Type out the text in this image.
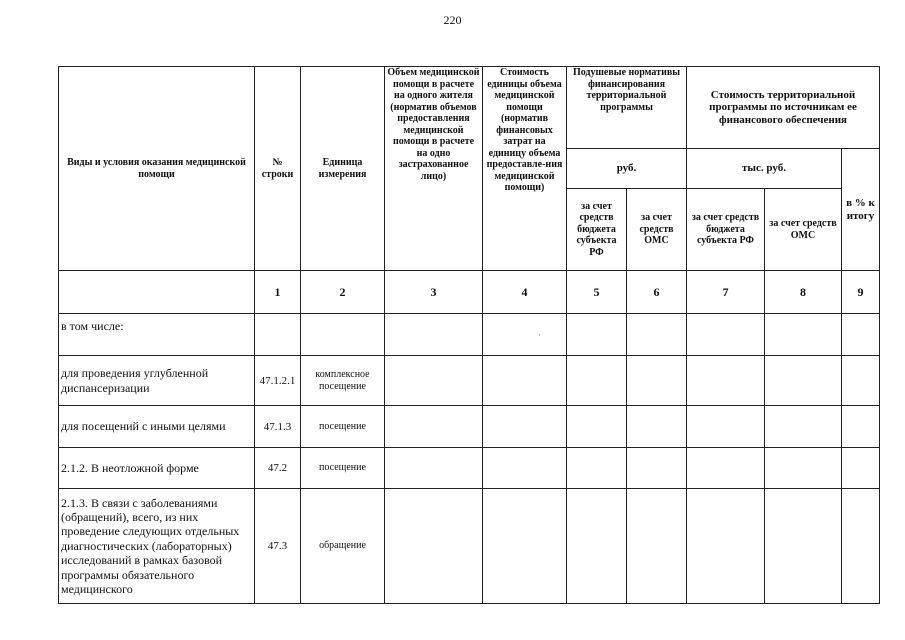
220
Виды и условия оказания медицинской помощи	№ строки	Единица измерения	Объем медицинской помощи в расчете на одного жителя (норматив объемов предоставления медицинской помощи в расчете на одно застрахованное лицо)	Стоимость единицы объема медицинской помощи (норматив финансовых затрат на единицу объема предоставле-ния медицинской помощи)	Подушевые нормативы финансирования территориальной программы		Стоимость территориальной программы по источникам ее финансового обеспечения		
					руб.		тыс. руб.		в % к итогу
					за счет средств бюджета субъекта РФ	за счет средств ОМС	за счет средств бюджета субъекта РФ	за счет средств ОМС	
	1	2	3	4	5	6	7	8	9
в том числе:									
для проведения углубленной диспансеризации	47.1.2.1	комплексное посещение							
для посещений с иными целями	47.1.3	посещение							
2.1.2. В неотложной форме	47.2	посещение							
2.1.3. В связи с заболеваниями (обращений), всего, из них проведение следующих отдельных диагностических (лабораторных) исследований в рамках базовой программы обязательного медицинского	47.3	обращение							
·
